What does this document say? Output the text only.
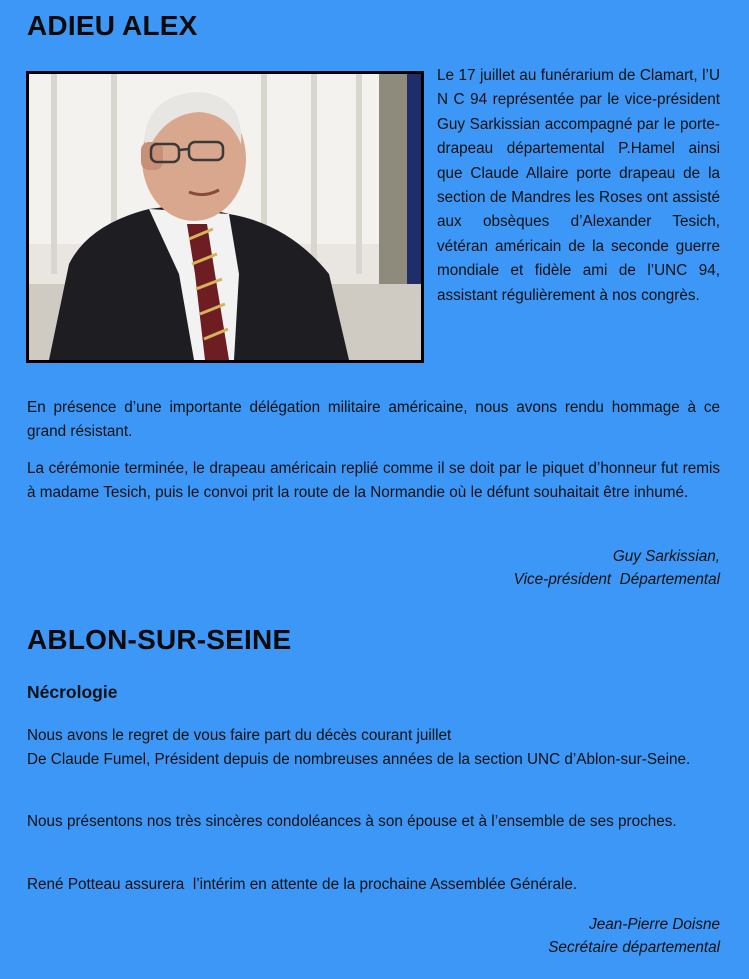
ADIEU ALEX

Le 17 juillet au funérarium de Clamart, l’U N C 94 représentée par le vice-président Guy Sarkissian accompagné par le porte-drapeau départemental P.Hamel ainsi que Claude Allaire porte drapeau de la section de Mandres les Roses ont assisté aux obsèques d’Alexander Tesich, vétéran américain de la seconde guerre mondiale et fidèle ami de l’UNC 94, assistant régulièrement à nos congrès.

En présence d’une importante délégation militaire américaine, nous avons rendu hommage à ce grand résistant.

La cérémonie terminée, le drapeau américain replié comme il se doit par le piquet d’honneur fut remis à madame Tesich, puis le convoi prit la route de la Normandie où le défunt souhaitait être inhumé.

Guy Sarkissian,
Vice-président  Départemental
ABLON-SUR-SEINE

Nécrologie

Nous avons le regret de vous faire part du décès courant juillet
De Claude Fumel, Président depuis de nombreuses années de la section UNC d’Ablon-sur-Seine.

Nous présentons nos très sincères condoléances à son épouse et à l’ensemble de ses proches.

René Potteau assurera  l’intérim en attente de la prochaine Assemblée Générale.

Jean-Pierre Doisne
Secrétaire départemental
